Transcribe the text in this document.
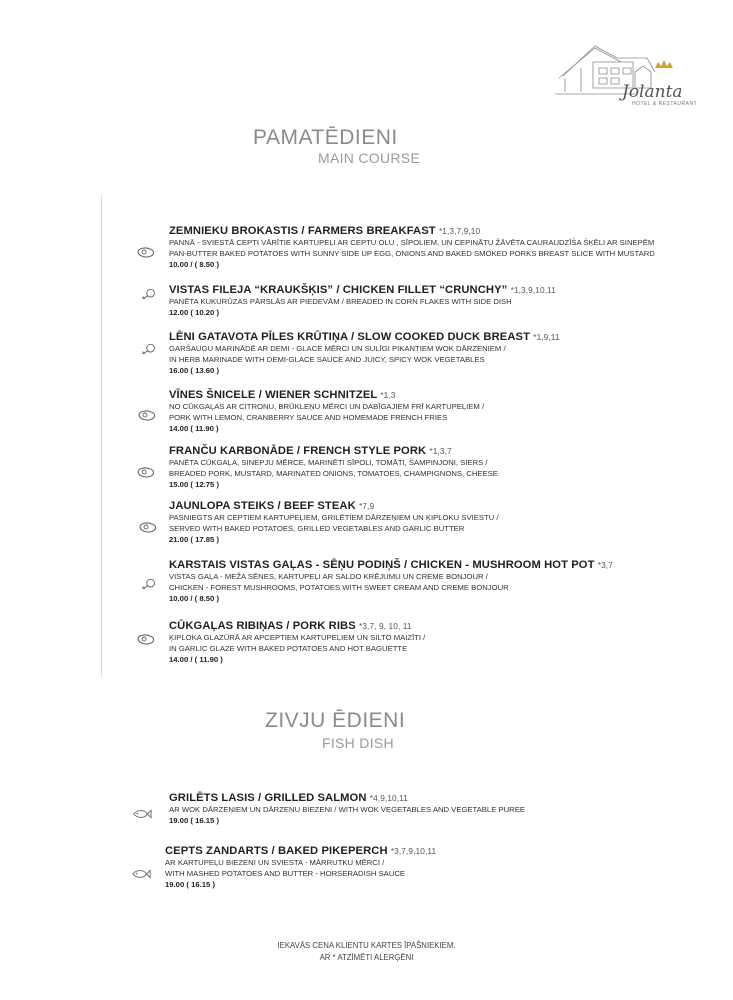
Jolanta
HOTEL & RESTAURANT
PAMATĒDIENI
MAIN COURSE
ZEMNIEKU BROKASTIS / FARMERS BREAKFAST *1,3,7,9,10
PANNĀ - SVIESTĀ CEPTI VĀRĪTIE KARTUPEĻI AR CEPTU OLU , SĪPOLIEM, UN CEPINĀTU ŽĀVĒTA CAURAUDZĪŠA ŠĶĒLI AR SINEPĒM
PAN-BUTTER BAKED POTATOES WITH SUNNY SIDE UP EGG, ONIONS AND BAKED SMOKED PORKS BREAST SLICE WITH MUSTARD
10.00 / ( 8.50 )
VISTAS FILEJA “KRAUKŠĶIS” / CHICKEN FILLET “CRUNCHY” *1,3,9,10,11
PANĒTA KUKURŪZAS PĀRSLĀS AR PIEDEVĀM / BREADED IN CORN FLAKES WITH SIDE DISH
12.00 ( 10.20 )
LĒNI GATAVOTA PĪLES KRŪTIŅA / SLOW COOKED DUCK BREAST *1,9,11
GARŠAUGU MARINĀDĒ AR DEMI - GLACE MĒRCI UN SULĪGI PIKANTIEM WOK DĀRZEŅIEM /
IN HERB MARINADE WITH DEMI-GLACE SAUCE AND JUICY, SPICY WOK VEGETABLES
16.00 ( 13.60 )
VĪNES ŠNICELE / WIENER SCHNITZEL *1,3
NO CŪKGAĻAS AR CITRONU, BRŪKLEŅU MĒRCI UN DABĪGAJIEM FRĪ KARTUPEĻIEM /
PORK WITH LEMON, CRANBERRY SAUCE AND HOMEMADE FRENCH FRIES
14.00 ( 11.90 )
FRANČU KARBONĀDE / FRENCH STYLE PORK *1,3,7
PANĒTA CŪKGAĻA, SINEPJU MĒRCE, MARINĒTI SĪPOLI, TOMĀTI, ŠAMPINJONI, SIERS /
BREADED PORK, MUSTARD, MARINATED ONIONS, TOMATOES, CHAMPIGNONS, CHEESE
15.00 ( 12.75 )
JAUNLOPA STEIKS / BEEF STEAK *7,9
PASNIEGTS AR CEPTIEM KARTUPEĻIEM, GRILĒTIEM DĀRZEŅIEM UN ĶIPLOKU SVIESTU /
SERVED WITH BAKED POTATOES, GRILLED VEGETABLES AND GARLIC BUTTER
21.00 ( 17.85 )
KARSTAIS VISTAS GAĻAS - SĒŅU PODIŅŠ / CHICKEN - MUSHROOM HOT POT *3,7
VISTAS GAĻA - MEŽA SĒNES, KARTUPEĻI AR SALDO KRĒJUMU UN CREME BONJOUR /
CHICKEN - FOREST MUSHROOMS, POTATOES WITH SWEET CREAM AND CREME BONJOUR
10.00 / ( 8.50 )
CŪKGAĻAS RIBIŅAS / PORK RIBS *3,7, 9, 10, 11
ĶIPLOKA GLAZŪRĀ AR APCEPTIEM KARTUPEĻIEM UN SILTO MAIZĪTI /
IN GARLIC GLAZE WITH BAKED POTATOES AND HOT BAGUETTE
14.00 / ( 11.90 )
ZIVJU ĒDIENI
FISH DISH
GRILĒTS LASIS / GRILLED SALMON *4,9,10,11
AR WOK DĀRZEŅIEM UN DĀRZEŅU BIEZENI / WITH WOK VEGETABLES AND VEGETABLE PUREE
19.00 ( 16.15 )
CEPTS ZANDARTS / BAKED PIKEPERCH *3,7,9,10,11
AR KARTUPEĻU BIEZENI UN SVIESTA - MĀRRUTKU MĒRCI /
WITH MASHED POTATOES AND BUTTER - HORSERADISH SAUCE
19.00 ( 16.15 )
IEKAVĀS CENA KLIENTU KARTES ĪPAŠNIEKIEM.
AR * ATZĪMĒTI ALERĢĒNI
